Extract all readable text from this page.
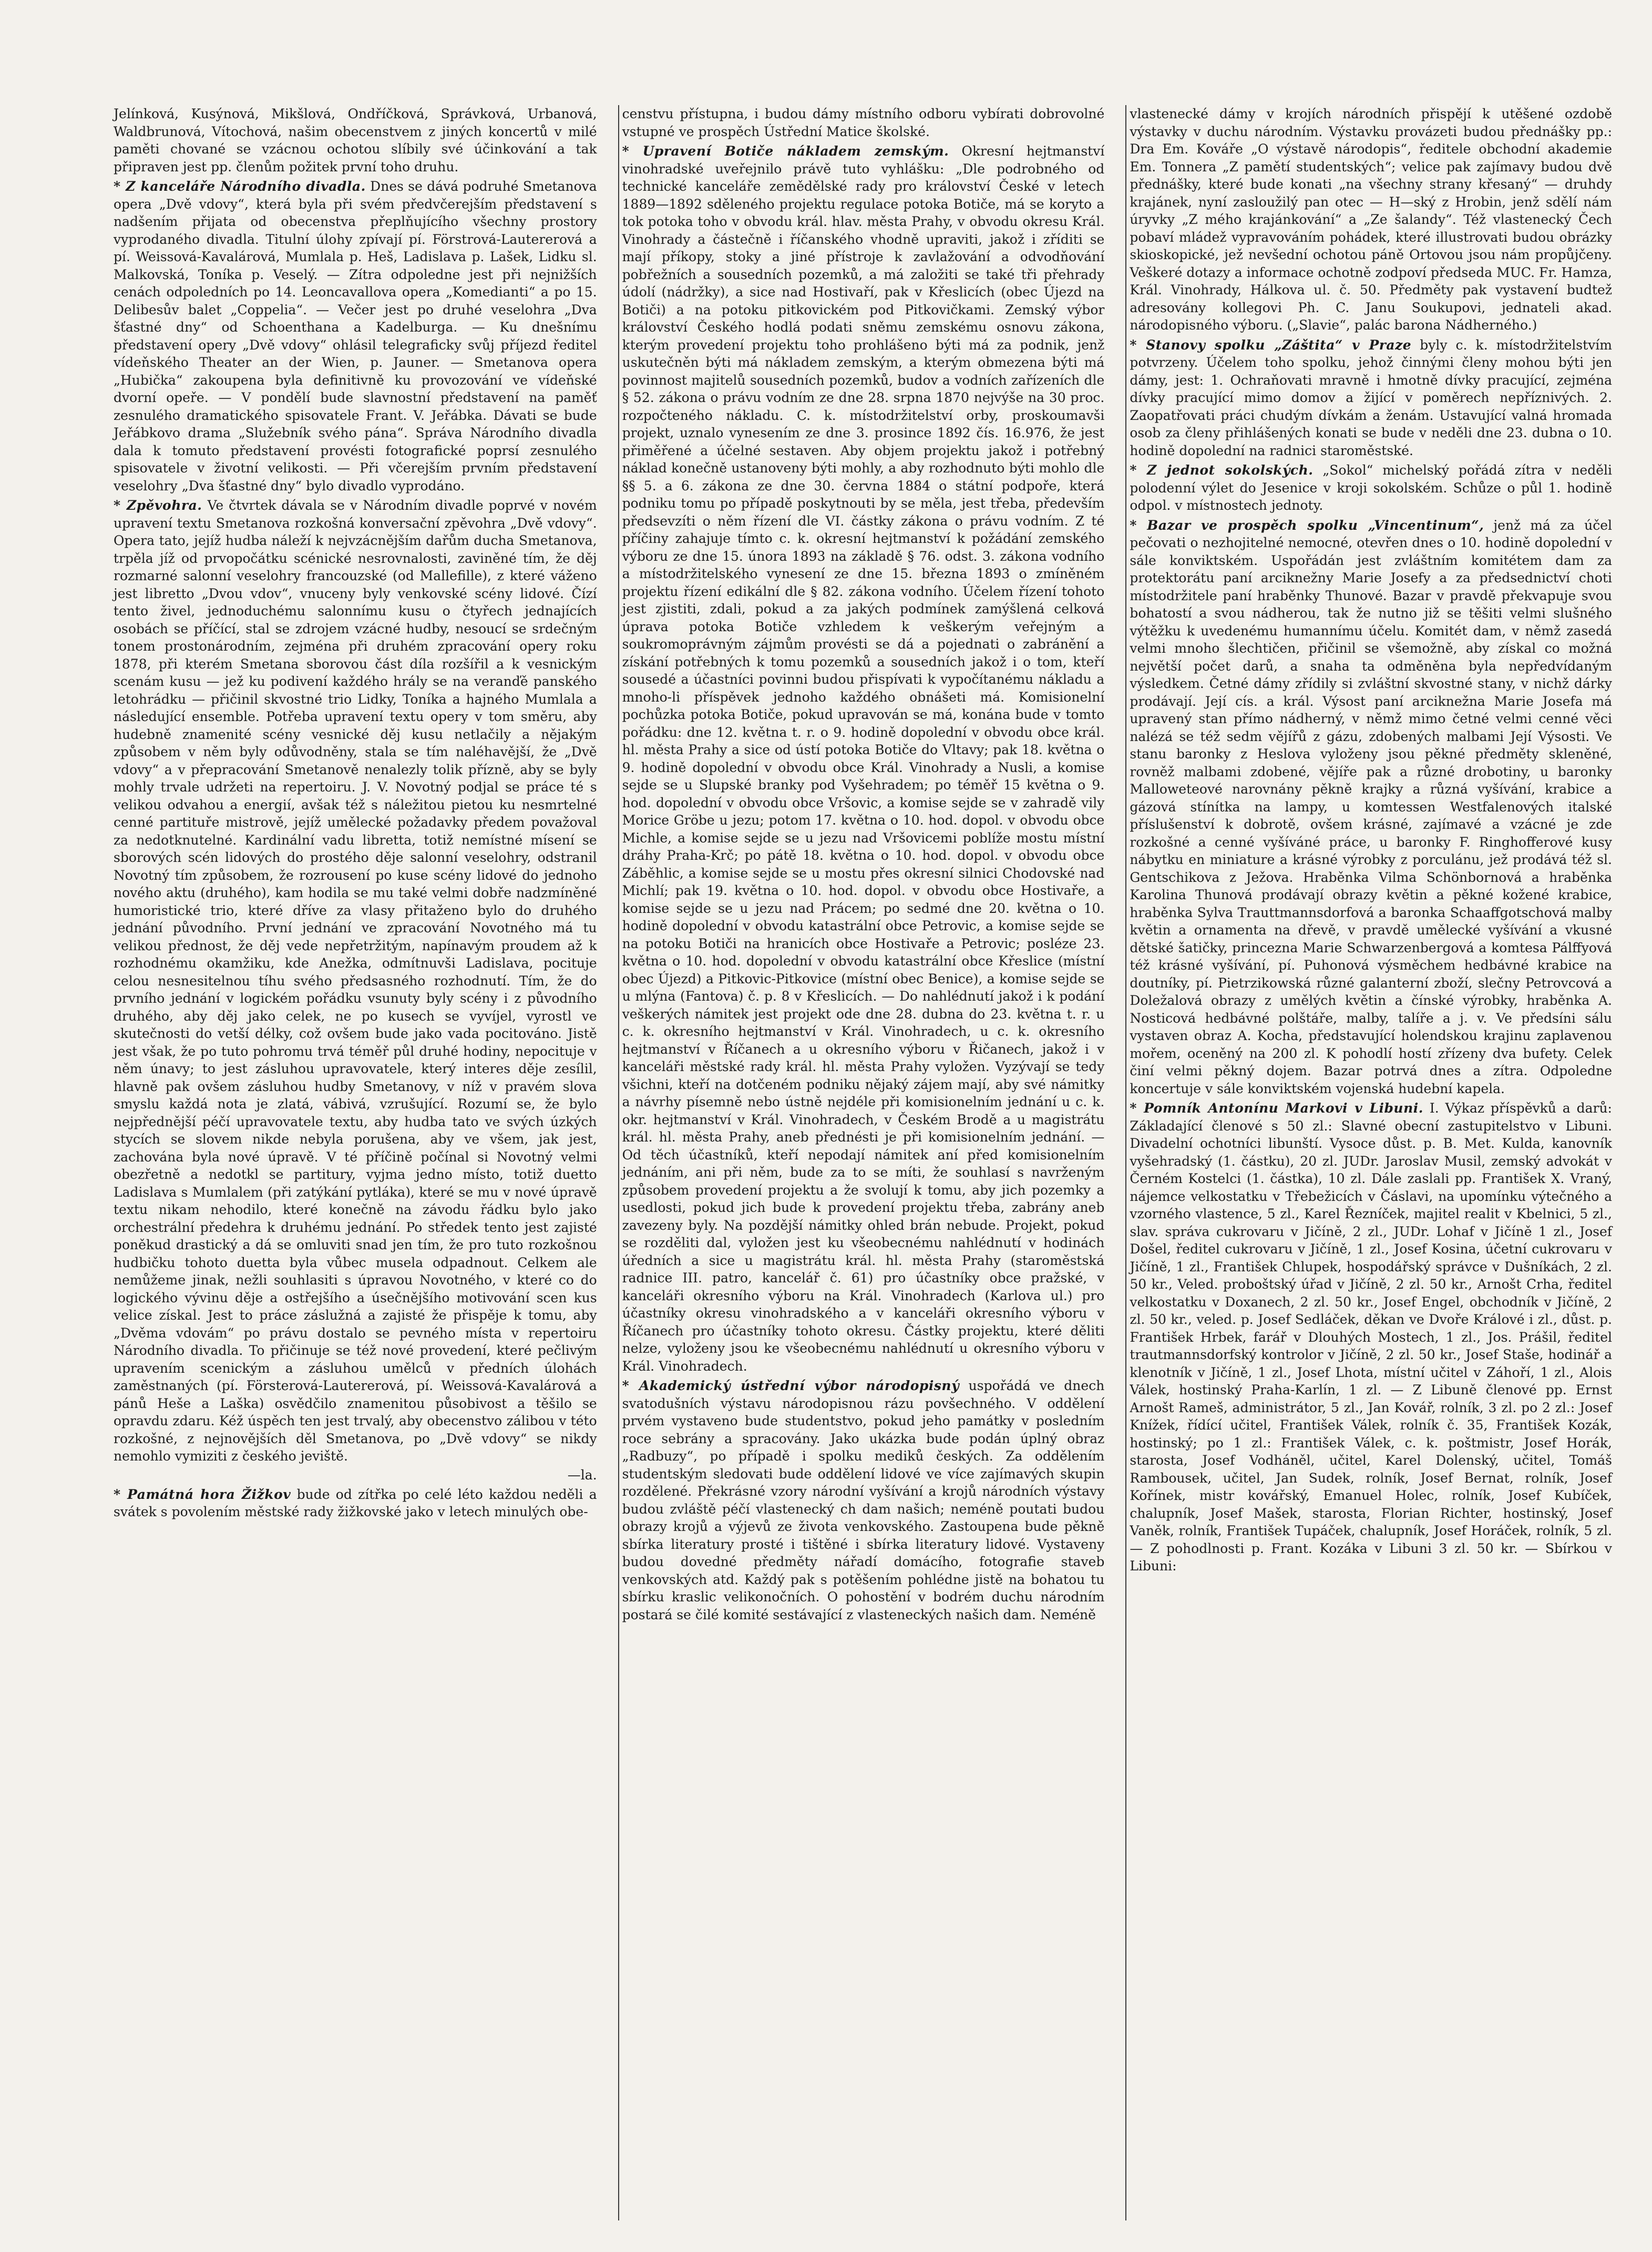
Jelínková, Kusýnová, Mikšlová, Ondříčková, Správková, Urbanová, Waldbrunová, Vítochová, našim obecenstvem z jiných koncertů v milé paměti chované se vzácnou ochotou slíbily své účinkování a tak připraven jest pp. členům požitek první toho druhu.

* Z kanceláře Národního divadla. Dnes se dává podruhé Smetanova opera „Dvě vdovy“, která byla při svém předvčerejším představení s nadšením přijata od obecenstva přeplňujícího všechny prostory vyprodaného divadla. Titulní úlohy zpívají pí. Förstrová-Lautererová a pí. Weissová-Kavalárová, Mumlala p. Heš, Ladislava p. Lašek, Lidku sl. Malkovská, Toníka p. Veselý. — Zítra odpoledne jest při nejnižších cenách odpoledních po 14. Leoncavallova opera „Komedianti“ a po 15. Delibesův balet „Coppelia“. — Večer jest po druhé veselohra „Dva šťastné dny“ od Schoenthana a Kadelburga. — Ku dnešnímu představení opery „Dvě vdovy“ ohlásil telegraficky svůj příjezd ředitel vídeňského Theater an der Wien, p. Jauner. — Smetanova opera „Hubička“ zakoupena byla definitivně ku provozování ve vídeňské dvorní opeře. — V pondělí bude slavnostní představení na paměť zesnulého dramatického spisovatele Frant. V. Jeřábka. Dávati se bude Jeřábkovo drama „Služebník svého pána“. Správa Národního divadla dala k tomuto představení provésti fotografické poprsí zesnulého spisovatele v životní velikosti. — Při včerejším prvním představení veselohry „Dva šťastné dny“ bylo divadlo vyprodáno.

* Zpěvohra. Ve čtvrtek dávala se v Národním divadle poprvé v novém upravení textu Smetanova rozkošná konversační zpěvohra „Dvě vdovy“. Opera tato, jejíž hudba náleží k nejvzácnějším dařům ducha Smetanova, trpěla jíž od prvopočátku scénické nesrovnalosti, zaviněné tím, že děj rozmarné salonní veselohry francouzské (od Mallefille), z které váženo jest libretto „Dvou vdov“, vnuceny byly venkovské scény lidové. Čízí tento živel, jednoduchému salonnímu kusu o čtyřech jednajících osobách se příčící, stal se zdrojem vzácné hudby, nesoucí se srdečným tonem prostonárodním, zejména při druhém zpracování opery roku 1878, při kterém Smetana sborovou část díla rozšířil a k vesnickým scenám kusu — jež ku podivení každého hrály se na veranďě panského letohrádku — přičinil skvostné trio Lidky, Toníka a hajného Mumlala a následující ensemble. Potřeba upravení textu opery v tom směru, aby hudebně znamenité scény vesnické děj kusu netlačily a nějakým způsobem v něm byly odůvodněny, stala se tím naléhavější, že „Dvě vdovy“ a v přepracování Smetanově nenalezly tolik přízně, aby se byly mohly trvale udržeti na repertoiru. J. V. Novotný podjal se práce té s velikou odvahou a energií, avšak též s náležitou pietou ku nesmrtelné cenné partituře mistrově, jejíž umělecké požadavky předem považoval za nedotknutelné. Kardinální vadu libretta, totiž nemístné mísení se sborových scén lidových do prostého děje salonní veselohry, odstranil Novotný tím způsobem, že rozrousení po kuse scény lidové do jednoho nového aktu (druhého), kam hodila se mu také velmi dobře nadzmíněné humoristické trio, které dříve za vlasy přitaženo bylo do druhého jednání původního. První jednání ve zpracování Novotného má tu velikou přednost, že děj vede nepřetržitým, napínavým proudem až k rozhodnému okamžiku, kde Anežka, odmítnuvši Ladislava, pocituje celou nesnesitelnou tíhu svého předsasného rozhodnutí. Tím, že do prvního jednání v logickém pořádku vsunuty byly scény i z původního druhého, aby děj jako celek, ne po kusech se vyvíjel, vyrostl ve skutečnosti do vetší délky, což ovšem bude jako vada pocitováno. Jistě jest však, že po tuto pohromu trvá téměř půl druhé hodiny, nepocituje v něm únavy; to jest zásluhou upravovatele, který interes děje zesílil, hlavně pak ovšem zásluhou hudby Smetanovy, v níž v pravém slova smyslu každá nota je zlatá, vábivá, vzrušující. Rozumí se, že bylo nejpřednější péčí upravovatele textu, aby hudba tato ve svých úzkých stycích se slovem nikde nebyla porušena, aby ve všem, jak jest, zachována byla nové úpravě. V té příčině počínal si Novotný velmi obezřetně a nedotkl se partitury, vyjma jedno místo, totiž duetto Ladislava s Mumlalem (při zatýkání pytláka), které se mu v nové úpravě textu nikam nehodilo, které konečně na závodu řádku bylo jako orchestrální předehra k druhému jednání. Po středek tento jest zajisté poněkud drastický a dá se omluviti snad jen tím, že pro tuto rozkošnou hudbičku tohoto duetta byla vůbec musela odpadnout. Celkem ale nemůžeme jinak, nežli souhlasiti s úpravou Novotného, v které co do logického vývinu děje a ostřejšího a úsečnějšího motivování scen kus velice získal. Jest to práce záslužná a zajisté že přispěje k tomu, aby „Dvěma vdovám“ po právu dostalo se pevného místa v repertoiru Národního divadla. To přičinuje se též nové provedení, které pečlivým upravením scenickým a zásluhou umělců v předních úlohách zaměstnaných (pí. Försterová-Lautererová, pí. Weissová-Kavalárová a pánů Heše a Laška) osvědčilo znamenitou působivost a těšilo se opravdu zdaru. Kéž úspěch ten jest trvalý, aby obecenstvo zálibou v této rozkošné, z nejnovějších děl Smetanova, po „Dvě vdovy“ se nikdy nemohlo vymiziti z českého jeviště.

—la.

* Památná hora Žižkov bude od zítřka po celé léto každou neděli a svátek s povolením městské rady žižkovské jako v letech minulých obe-

censtvu přístupna, i budou dámy místního odboru vybírati dobrovolné vstupné ve prospěch Ústřední Matice školské.

* Upravení Botiče nákladem zemským. Okresní hejtmanství vinohradské uveřejnilo právě tuto vyhlášku: „Dle podrobného od technické kanceláře zemědělské rady pro království České v letech 1889—1892 sděleného projektu regulace potoka Botiče, má se koryto a tok potoka toho v obvodu král. hlav. města Prahy, v obvodu okresu Král. Vinohrady a částečně i říčanského vhodně upraviti, jakož i zříditi se mají příkopy, stoky a jiné přístroje k zavlažování a odvodňování pobřežních a sousedních pozemků, a má založiti se také tři přehrady údolí (nádržky), a sice nad Hostivaří, pak v Křeslicích (obec Újezd na Botiči) a na potoku pitkovickém pod Pitkovičkami. Zemský výbor království Českého hodlá podati sněmu zemskému osnovu zákona, kterým provedení projektu toho prohlášeno býti má za podnik, jenž uskutečněn býti má nákladem zemským, a kterým obmezena býti má povinnost majitelů sousedních pozemků, budov a vodních zařízeních dle § 52. zákona o právu vodním ze dne 28. srpna 1870 nejvýše na 30 proc. rozpočteného nákladu. C. k. místodržitelství orby, proskoumavši projekt, uznalo vynesením ze dne 3. prosince 1892 čís. 16.976, že jest přiměřené a účelné sestaven. Aby objem projektu jakož i potřebný náklad konečně ustanoveny býti mohly, a aby rozhodnuto býti mohlo dle §§ 5. a 6. zákona ze dne 30. června 1884 o státní podpoře, která podniku tomu po případě poskytnouti by se měla, jest třeba, především předsevzíti o něm řízení dle VI. částky zákona o právu vodním. Z té příčiny zahajuje tímto c. k. okresní hejtmanství k požádání zemského výboru ze dne 15. února 1893 na základě § 76. odst. 3. zákona vodního a místodržitelského vynesení ze dne 15. března 1893 o zmíněném projektu řízení edikální dle § 82. zákona vodního. Účelem řízení tohoto jest zjistiti, zdali, pokud a za jakých podmínek zamýšlená celková úprava potoka Botiče vzhledem k veškerým veřejným a soukromoprávným zájmům provésti se dá a pojednati o zabránění a získání potřebných k tomu pozemků a sousedních jakož i o tom, kteří sousedé a účastníci povinni budou přispívati k vypočítanému nákladu a mnoho-li příspěvek jednoho každého obnášeti má. Komisionelní pochůzka potoka Botiče, pokud upravován se má, konána bude v tomto pořádku: dne 12. května t. r. o 9. hodině dopolední v obvodu obce král. hl. města Prahy a sice od ústí potoka Botiče do Vltavy; pak 18. května o 9. hodině dopolední v obvodu obce Král. Vinohrady a Nusli, a komise sejde se u Slupské branky pod Vyšehradem; po téměř 15 května o 9. hod. dopolední v obvodu obce Vršovic, a komise sejde se v zahradě vily Morice Gröbe u jezu; potom 17. května o 10. hod. dopol. v obvodu obce Michle, a komise sejde se u jezu nad Vršovicemi poblíže mostu místní dráhy Praha-Krč; po pátě 18. května o 10. hod. dopol. v obvodu obce Záběhlic, a komise sejde se u mostu přes okresní silnici Chodovské nad Michlí; pak 19. května o 10. hod. dopol. v obvodu obce Hostivaře, a komise sejde se u jezu nad Prácem; po sedmé dne 20. května o 10. hodině dopolední v obvodu katastrální obce Petrovic, a komise sejde se na potoku Botiči na hranicích obce Hostivaře a Petrovic; posléze 23. května o 10. hod. dopolední v obvodu katastrální obce Křeslice (místní obec Újezd) a Pitkovic-Pitkovice (místní obec Benice), a komise sejde se u mlýna (Fantova) č. p. 8 v Křeslicích. — Do nahlédnutí jakož i k podání veškerých námitek jest projekt ode dne 28. dubna do 23. května t. r. u c. k. okresního hejtmanství v Král. Vinohradech, u c. k. okresního hejtmanství v Říčanech a u okresního výboru v Řičanech, jakož i v kanceláři městské rady král. hl. města Prahy vyložen. Vyzývají se tedy všichni, kteří na dotčeném podniku nějaký zájem mají, aby své námitky a návrhy písemně nebo ústně nejdéle při komisionelním jednání u c. k. okr. hejtmanství v Král. Vinohradech, v Českém Brodě a u magistrátu král. hl. města Prahy, aneb přednésti je při komisionelním jednání. — Od těch účastníků, kteří nepodají námitek aní před komisionelním jednáním, ani při něm, bude za to se míti, že souhlasí s navrženým způsobem provedení projektu a že svolují k tomu, aby jich pozemky a usedlosti, pokud jich bude k provedení projektu třeba, zabrány aneb zavezeny byly. Na pozdější námitky ohled brán nebude. Projekt, pokud se rozděliti dal, vyložen jest ku všeobecnému nahlédnutí v hodinách úředních a sice u magistrátu král. hl. města Prahy (staroměstská radnice III. patro, kancelář č. 61) pro účastníky obce pražské, v kanceláři okresního výboru na Král. Vinohradech (Karlova ul.) pro účastníky okresu vinohradského a v kanceláři okresního výboru v Říčanech pro účastníky tohoto okresu. Částky projektu, které děliti nelze, vyloženy jsou ke všeobecnému nahlédnutí u okresního výboru v Král. Vinohradech.

* Akademický ústřední výbor národopisný uspořádá ve dnech svatodušních výstavu národopisnou rázu povšechného. V oddělení prvém vystaveno bude studentstvo, pokud jeho památky v posledním roce sebrány a spracovány. Jako ukázka bude podán úplný obraz „Radbuzy“, po případě i spolku mediků českých. Za oddělením studentským sledovati bude oddělení lidové ve více zajímavých skupin rozdělené. Překrásné vzory národní vyšívání a krojů národních výstavy budou zvláště péčí vlastenecký ch dam našich; neméně poutati budou obrazy krojů a výjevů ze života venkovského. Zastoupena bude pěkně sbírka literatury prosté i tištěné i sbírka literatury lidové. Vystaveny budou dovedné předměty nářadí domácího, fotografie staveb venkovských atd. Každý pak s potěšením pohlédne jistě na bohatou tu sbírku kraslic velikonočních. O pohostění v bodrém duchu národním postará se čilé komité sestávající z vlasteneckých našich dam. Neméně

vlastenecké dámy v krojích národních přispějí k utěšené ozdobě výstavky v duchu národním. Výstavku provázeti budou přednášky pp.: Dra Em. Kováře „O výstavě národopis“, ředitele obchodní akademie Em. Tonnera „Z pamětí studentských“; velice pak zajímavy budou dvě přednášky, které bude konati „na všechny strany křesaný“ — druhdy krajánek, nyní zasloužilý pan otec — H—ský z Hrobin, jenž sdělí nám úryvky „Z mého krajánkování“ a „Ze šalandy“. Též vlastenecký Čech pobaví mládež vypravováním pohádek, které illustrovati budou obrázky skioskopické, jež nevšední ochotou páně Ortovou jsou nám propůjčeny. Veškeré dotazy a informace ochotně zodpoví předseda MUC. Fr. Hamza, Král. Vinohrady, Hálkova ul. č. 50. Předměty pak vystavení budtež adresovány kollegovi Ph. C. Janu Soukupovi, jednateli akad. národopisného výboru. („Slavie“, palác barona Nádherného.)

* Stanovy spolku „Záštita“ v Praze byly c. k. místodržitelstvím potvrzeny. Účelem toho spolku, jehož činnými členy mohou býti jen dámy, jest: 1. Ochraňovati mravně i hmotně dívky pracující, zejména dívky pracující mimo domov a žijící v poměrech nepříznivých. 2. Zaopatřovati práci chudým dívkám a ženám. Ustavující valná hromada osob za členy přihlášených konati se bude v neděli dne 23. dubna o 10. hodině dopolední na radnici staroměstské.

* Z jednot sokolských. „Sokol“ michelský pořádá zítra v neděli polodenní výlet do Jesenice v kroji sokolském. Schůze o půl 1. hodině odpol. v místnostech jednoty.

* Bazar ve prospěch spolku „Vincentinum“, jenž má za účel pečovati o nezhojitelné nemocné, otevřen dnes o 10. hodině dopolední v sále konviktském. Uspořádán jest zvláštním komitétem dam za protektorátu paní arciknežny Marie Josefy a za předsednictví choti místodržitele paní hraběnky Thunové. Bazar v pravdě překvapuje svou bohatostí a svou nádherou, tak že nutno již se těšiti velmi slušného výtěžku k uvedenému humannímu účelu. Komitét dam, v němž zasedá velmi mnoho šlechtičen, přičinil se všemožně, aby získal co možná největší počet darů, a snaha ta odměněna byla nepředvídaným výsledkem. Četné dámy zřídily si zvláštní skvostné stany, v nichž dárky prodávají. Její cís. a král. Výsost paní arciknežna Marie Josefa má upravený stan přímo nádherný, v němž mimo četné velmi cenné věci nalézá se též sedm vějířů z gázu, zdobených malbami Její Výsosti. Ve stanu baronky z Heslova vyloženy jsou pěkné předměty skleněné, rovněž malbami zdobené, vějíře pak a různé drobotiny, u baronky Malloweteové narovnány pěkně krajky a různá vyšívání, krabice a gázová stínítka na lampy, u komtessen Westfalenových italské příslušenství k dobrotě, ovšem krásné, zajímavé a vzácné je zde rozkošné a cenné vyšíváné práce, u baronky F. Ringhofferové kusy nábytku en miniature a krásné výrobky z porculánu, jež prodává též sl. Gentschikova z Ježova. Hraběnka Vilma Schönbornová a hraběnka Karolina Thunová prodávají obrazy květin a pěkné kožené krabice, hraběnka Sylva Trauttmannsdorfová a baronka Schaaffgotschová malby květin a ornamenta na dřevě, v pravdě umělecké vyšívání a vkusné dětské šatičky, princezna Marie Schwarzenbergová a komtesa Pálffyová též krásné vyšívání, pí. Puhonová výsměchem hedbávné krabice na doutníky, pí. Pietrzikowská různé galanterní zboží, slečny Petrovcová a Doležalová obrazy z umělých květin a čínské výrobky, hraběnka A. Nosticová hedbávné polštáře, malby, talíře a j. v. Ve předsíni sálu vystaven obraz A. Kocha, představující holendskou krajinu zaplavenou mořem, oceněný na 200 zl. K pohodlí hostí zřízeny dva bufety. Celek činí velmi pěkný dojem. Bazar potrvá dnes a zítra. Odpoledne koncertuje v sále konviktském vojenská hudební kapela.

* Pomník Antonínu Markovi v Libuni. I. Výkaz příspěvků a darů: Základající členové s 50 zl.: Slavné obecní zastupitelstvo v Libuni. Divadelní ochotníci libunští. Vysoce důst. p. B. Met. Kulda, kanovník vyšehradský (1. částku), 20 zl. JUDr. Jaroslav Musil, zemský advokát v Černém Kostelci (1. částka), 10 zl. Dále zaslali pp. František X. Vraný, nájemce velkostatku v Třebežicích v Čáslavi, na upomínku výtečného a vzorného vlastence, 5 zl., Karel Řezníček, majitel realit v Kbelnici, 5 zl., slav. správa cukrovaru v Jičíně, 2 zl., JUDr. Lohaf v Jičíně 1 zl., Josef Došel, ředitel cukrovaru v Jičíně, 1 zl., Josef Kosina, účetní cukrovaru v Jičíně, 1 zl., František Chlupek, hospodářský správce v Dušníkách, 2 zl. 50 kr., Veled. proboštský úřad v Jičíně, 2 zl. 50 kr., Arnošt Crha, ředitel velkostatku v Doxanech, 2 zl. 50 kr., Josef Engel, obchodník v Jičíně, 2 zl. 50 kr., veled. p. Josef Sedláček, děkan ve Dvoře Králové i zl., důst. p. František Hrbek, farář v Dlouhých Mostech, 1 zl., Jos. Prášil, ředitel trautmannsdorfský kontrolor v Jičíně, 2 zl. 50 kr., Josef Staše, hodinář a klenotník v Jičíně, 1 zl., Josef Lhota, místní učitel v Záhoří, 1 zl., Alois Válek, hostinský Praha-Karlín, 1 zl. — Z Libuně členové pp. Ernst Arnošt Rameš, administrátor, 5 zl., Jan Kovář, rolník, 3 zl. po 2 zl.: Josef Knížek, řídící učitel, František Válek, rolník č. 35, František Kozák, hostinský; po 1 zl.: František Válek, c. k. poštmistr, Josef Horák, starosta, Josef Vodháněl, učitel, Karel Dolenský, učitel, Tomáš Rambousek, učitel, Jan Sudek, rolník, Josef Bernat, rolník, Josef Kořínek, mistr kovářský, Emanuel Holec, rolník, Josef Kubíček, chalupník, Josef Mašek, starosta, Florian Richter, hostinský, Josef Vaněk, rolník, František Tupáček, chalupník, Josef Horáček, rolník, 5 zl. — Z pohodlnosti p. Frant. Kozáka v Libuni 3 zl. 50 kr. — Sbírkou v Libuni:
